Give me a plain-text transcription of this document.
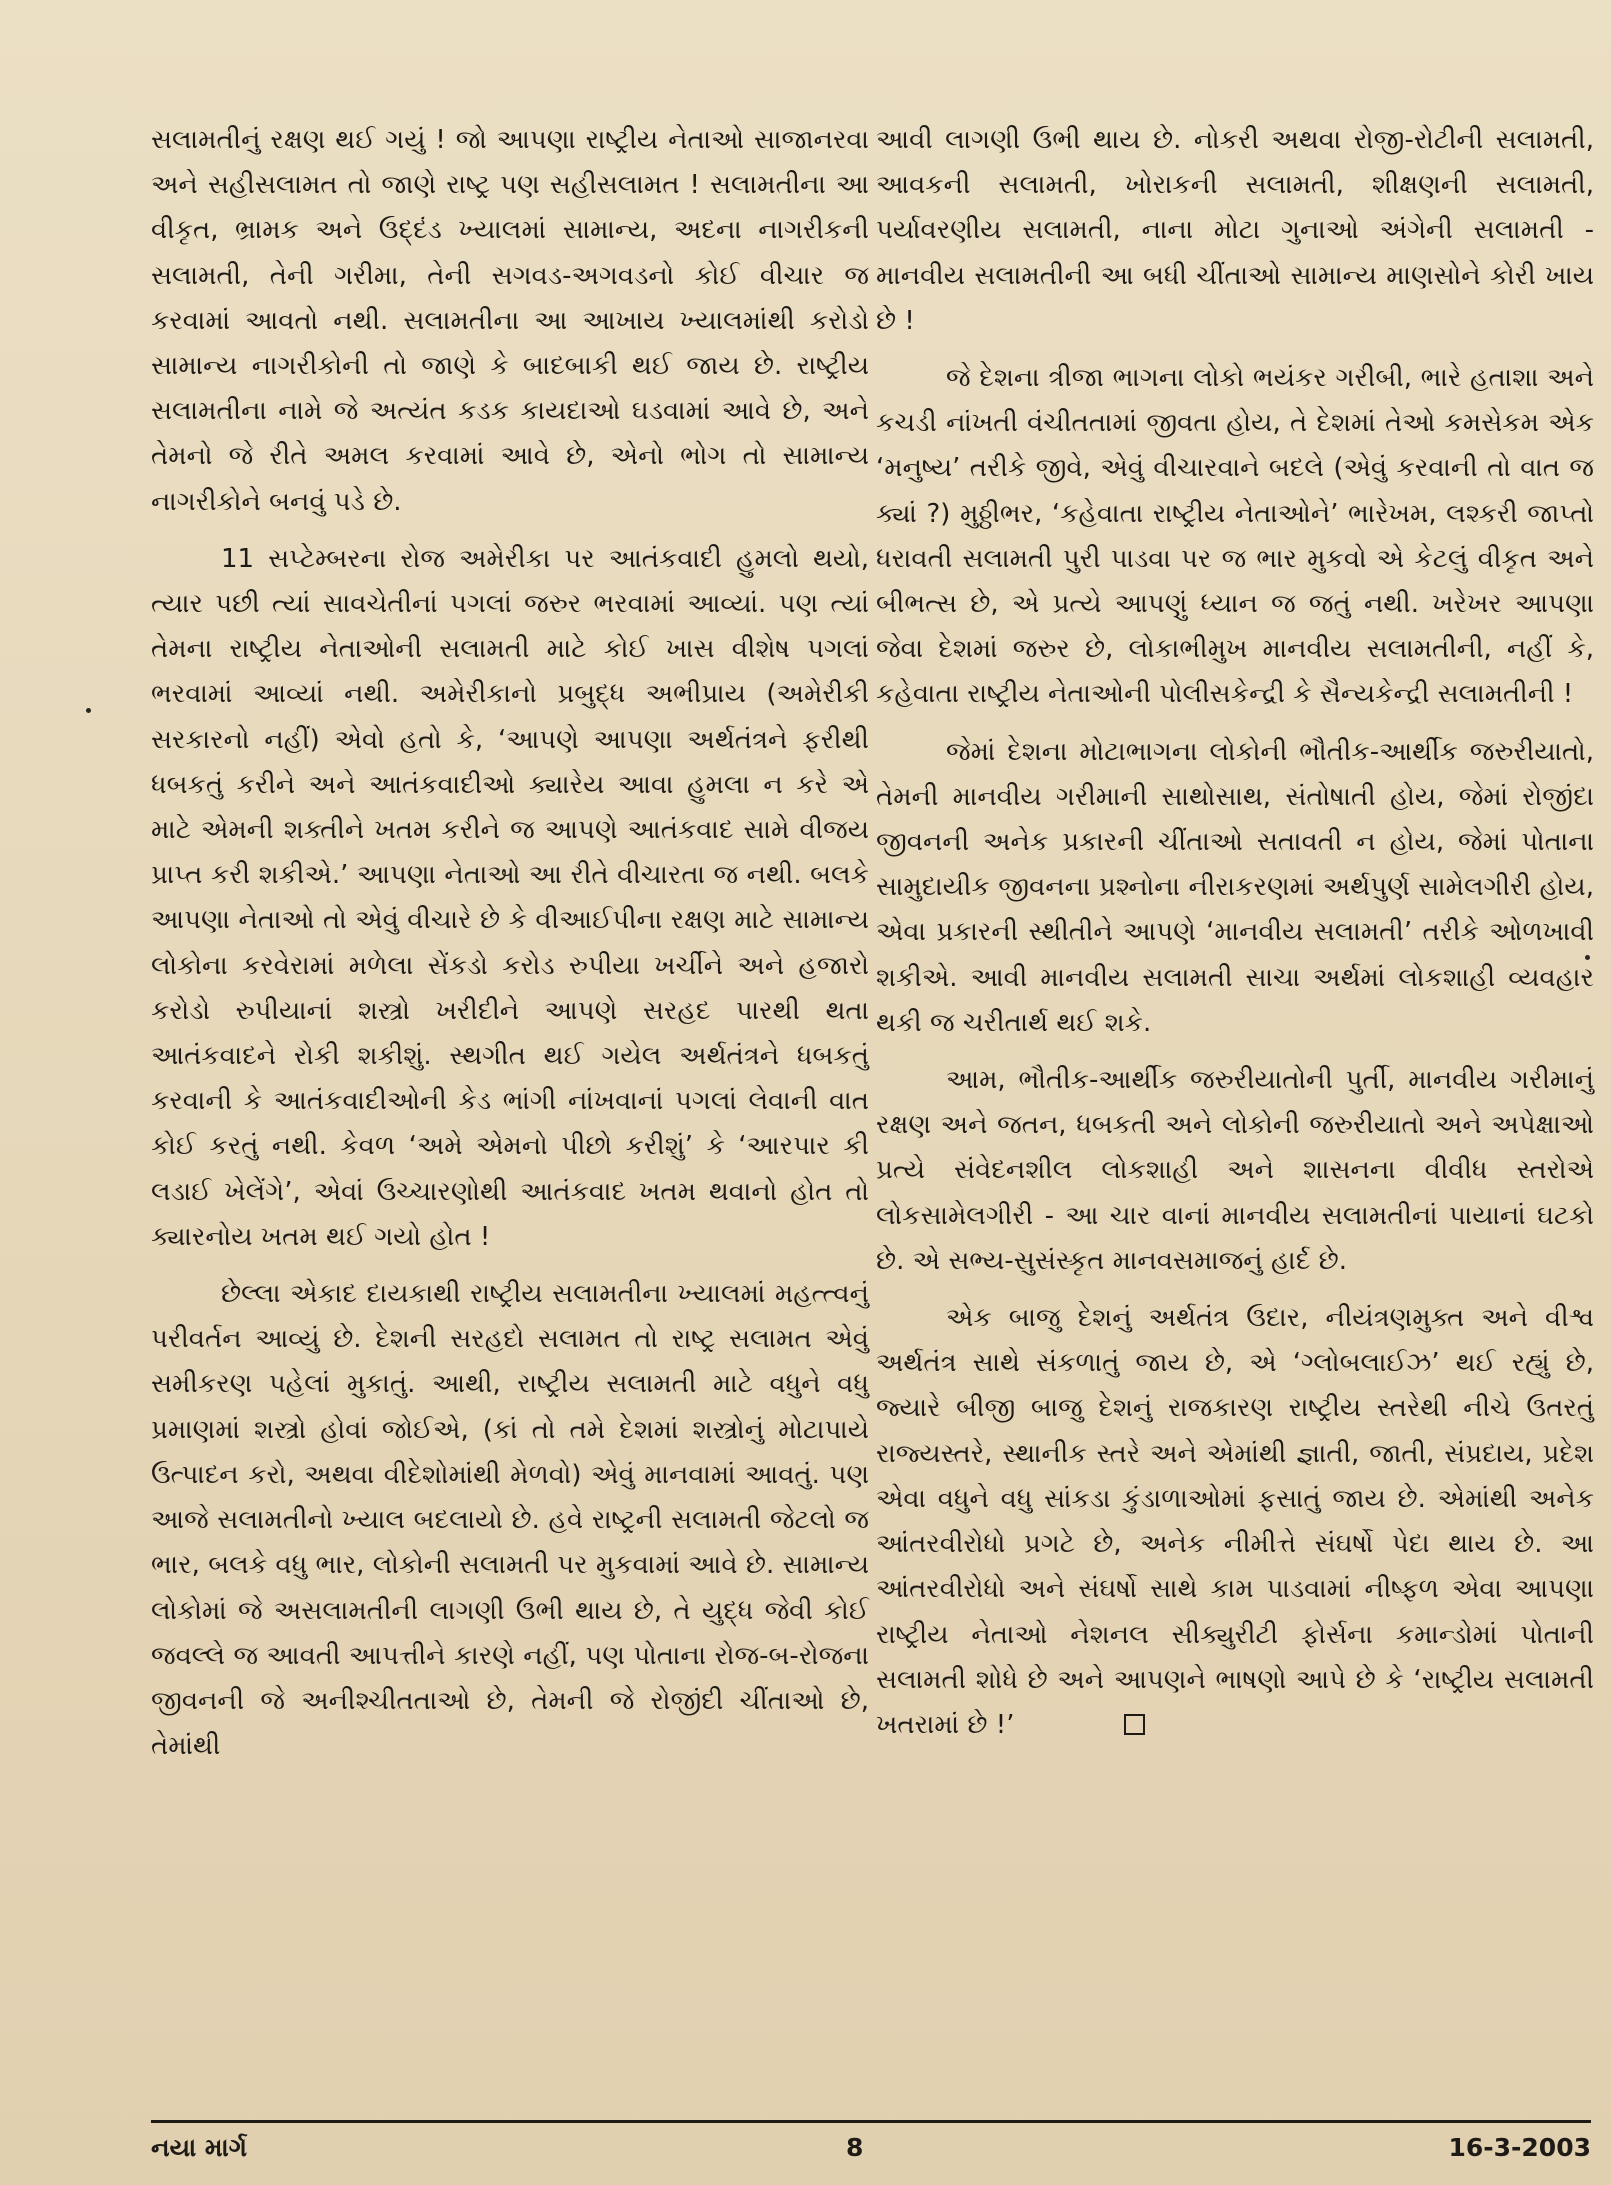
સલામતીનું રક્ષણ થઈ ગયું ! જો આપણા રાષ્ટ્રીય નેતાઓ સાજાનરવા અને સહીસલામત તો જાણે રાષ્ટ્ર પણ સહીસલામત ! સલામતીના આ વીકૃત, ભ્રામક અને ઉદ્દંડ ખ્યાલમાં સામાન્ય, અદના નાગરીકની સલામતી, તેની ગરીમા, તેની સગવડ-અગવડનો કોઈ વીચાર જ કરવામાં આવતો નથી. સલામતીના આ આખાય ખ્યાલમાંથી કરોડો સામાન્ય નાગરીકોની તો જાણે કે બાદબાકી થઈ જાય છે. રાષ્ટ્રીય સલામતીના નામે જે અત્યંત કડક કાયદાઓ ઘડવામાં આવે છે, અને તેમનો જે રીતે અમલ કરવામાં આવે છે, એનો ભોગ તો સામાન્ય નાગરીકોને બનવું પડે છે.

11 સપ્ટેમ્બરના રોજ અમેરીકા પર આતંકવાદી હુમલો થયો, ત્યાર પછી ત્યાં સાવચેતીનાં પગલાં જરુર ભરવામાં આવ્યાં. પણ ત્યાં તેમના રાષ્ટ્રીય નેતાઓની સલામતી માટે કોઈ ખાસ વીશેષ પગલાં ભરવામાં આવ્યાં નથી. અમેરીકાનો પ્રબુદ્ધ અભીપ્રાય (અમેરીકી સરકારનો નહીં) એવો હતો કે, ‘આપણે આપણા અર્થતંત્રને ફરીથી ધબકતું કરીને અને આતંકવાદીઓ ક્યારેય આવા હુમલા ન કરે એ માટે એમની શક્તીને ખતમ કરીને જ આપણે આતંકવાદ સામે વીજય પ્રાપ્ત કરી શકીએ.’ આપણા નેતાઓ આ રીતે વીચારતા જ નથી. બલકે આપણા નેતાઓ તો એવું વીચારે છે કે વીઆઈપીના રક્ષણ માટે સામાન્ય લોકોના કરવેરામાં મળેલા સેંકડો કરોડ રુપીયા ખર્ચીને અને હજારો કરોડો રુપીયાનાં શસ્ત્રો ખરીદીને આપણે સરહદ પારથી થતા આતંકવાદને રોકી શકીશું. સ્થગીત થઈ ગયેલ અર્થતંત્રને ધબકતું કરવાની કે આતંકવાદીઓની કેડ ભાંગી નાંખવાનાં પગલાં લેવાની વાત કોઈ કરતું નથી. કેવળ ‘અમે એમનો પીછો કરીશું’ કે ‘આરપાર કી લડાઈ ખેલેંગે’, એવાં ઉચ્ચારણોથી આતંકવાદ ખતમ થવાનો હોત તો ક્યારનોય ખતમ થઈ ગયો હોત !

છેલ્લા એકાદ દાયકાથી રાષ્ટ્રીય સલામતીના ખ્યાલમાં મહત્ત્વનું પરીવર્તન આવ્યું છે. દેશની સરહદો સલામત તો રાષ્ટ્ર સલામત એવું સમીકરણ પહેલાં મુકાતું. આથી, રાષ્ટ્રીય સલામતી માટે વધુને વધુ પ્રમાણમાં શસ્ત્રો હોવાં જોઈએ, (કાં તો તમે દેશમાં શસ્ત્રોનું મોટાપાયે ઉત્પાદન કરો, અથવા વીદેશોમાંથી મેળવો) એવું માનવામાં આવતું. પણ આજે સલામતીનો ખ્યાલ બદલાયો છે. હવે રાષ્ટ્રની સલામતી જેટલો જ ભાર, બલકે વધુ ભાર, લોકોની સલામતી પર મુકવામાં આવે છે. સામાન્ય લોકોમાં જે અસલામતીની લાગણી ઉભી થાય છે, તે યુદ્ધ જેવી કોઈ જવલ્લે જ આવતી આપત્તીને કારણે નહીં, પણ પોતાના રોજ-બ-રોજના જીવનની જે અનીશ્ચીતતાઓ છે, તેમની જે રોજીંદી ચીંતાઓ છે, તેમાંથી

આવી લાગણી ઉભી થાય છે. નોકરી અથવા રોજી-રોટીની સલામતી, આવકની સલામતી, ખોરાકની સલામતી, શીક્ષણની સલામતી, પર્યાવરણીય સલામતી, નાના મોટા ગુનાઓ અંગેની સલામતી - માનવીય સલામતીની આ બધી ચીંતાઓ સામાન્ય માણસોને કોરી ખાય છે !

જે દેશના ત્રીજા ભાગના લોકો ભયંકર ગરીબી, ભારે હતાશા અને કચડી નાંખતી વંચીતતામાં જીવતા હોય, તે દેશમાં તેઓ કમસેકમ એક ‘મનુષ્ય’ તરીકે જીવે, એવું વીચારવાને બદલે (એવું કરવાની તો વાત જ ક્યાં ?) મુઠ્ઠીભર, ‘કહેવાતા રાષ્ટ્રીય નેતાઓને’ ભારેખમ, લશ્કરી જાપ્તો ધરાવતી સલામતી પુરી પાડવા પર જ ભાર મુકવો એ કેટલું વીકૃત અને બીભત્સ છે, એ પ્રત્યે આપણું ધ્યાન જ જતું નથી. ખરેખર આપણા જેવા દેશમાં જરુર છે, લોકાભીમુખ માનવીય સલામતીની, નહીં કે, કહેવાતા રાષ્ટ્રીય નેતાઓની પોલીસકેન્દ્રી કે સૈન્યકેન્દ્રી સલામતીની !

જેમાં દેશના મોટાભાગના લોકોની ભૌતીક-આર્થીક જરુરીયાતો, તેમની માનવીય ગરીમાની સાથોસાથ, સંતોષાતી હોય, જેમાં રોજીંદા જીવનની અનેક પ્રકારની ચીંતાઓ સતાવતી ન હોય, જેમાં પોતાના સામુદાયીક જીવનના પ્રશ્નોના નીરાકરણમાં અર્થપુર્ણ સામેલગીરી હોય, એવા પ્રકારની સ્થીતીને આપણે ‘માનવીય સલામતી’ તરીકે ઓળખાવી શકીએ. આવી માનવીય સલામતી સાચા અર્થમાં લોકશાહી વ્યવહાર થકી જ ચરીતાર્થ થઈ શકે.

આમ, ભૌતીક-આર્થીક જરુરીયાતોની પુર્તી, માનવીય ગરીમાનું રક્ષણ અને જતન, ધબકતી અને લોકોની જરુરીયાતો અને અપેક્ષાઓ પ્રત્યે સંવેદનશીલ લોકશાહી અને શાસનના વીવીધ સ્તરોએ લોકસામેલગીરી - આ ચાર વાનાં માનવીય સલામતીનાં પાયાનાં ઘટકો છે. એ સભ્ય-સુસંસ્કૃત માનવસમાજનું હાર્દ છે.

એક બાજુ દેશનું અર્થતંત્ર ઉદાર, નીયંત્રણમુક્ત અને વીશ્વ અર્થતંત્ર સાથે સંકળાતું જાય છે, એ ‘ગ્લોબલાઈઝ’ થઈ રહ્યું છે, જ્યારે બીજી બાજુ દેશનું રાજકારણ રાષ્ટ્રીય સ્તરેથી નીચે ઉતરતું રાજ્યસ્તરે, સ્થાનીક સ્તરે અને એમાંથી જ્ઞાતી, જાતી, સંપ્રદાય, પ્રદેશ એવા વધુને વધુ સાંકડા કુંડાળાઓમાં ફસાતું જાય છે. એમાંથી અનેક આંતરવીરોધો પ્રગટે છે, અનેક નીમીત્તે સંઘર્ષો પેદા થાય છે. આ આંતરવીરોધો અને સંઘર્ષો સાથે કામ પાડવામાં નીષ્ફળ એવા આપણા રાષ્ટ્રીય નેતાઓ નેશનલ સીક્યુરીટી ફોર્સના કમાન્ડોમાં પોતાની સલામતી શોધે છે અને આપણને ભાષણો આપે છે કે ‘રાષ્ટ્રીય સલામતી ખતરામાં છે !’

નયા માર્ગ	8	16-3-2003
